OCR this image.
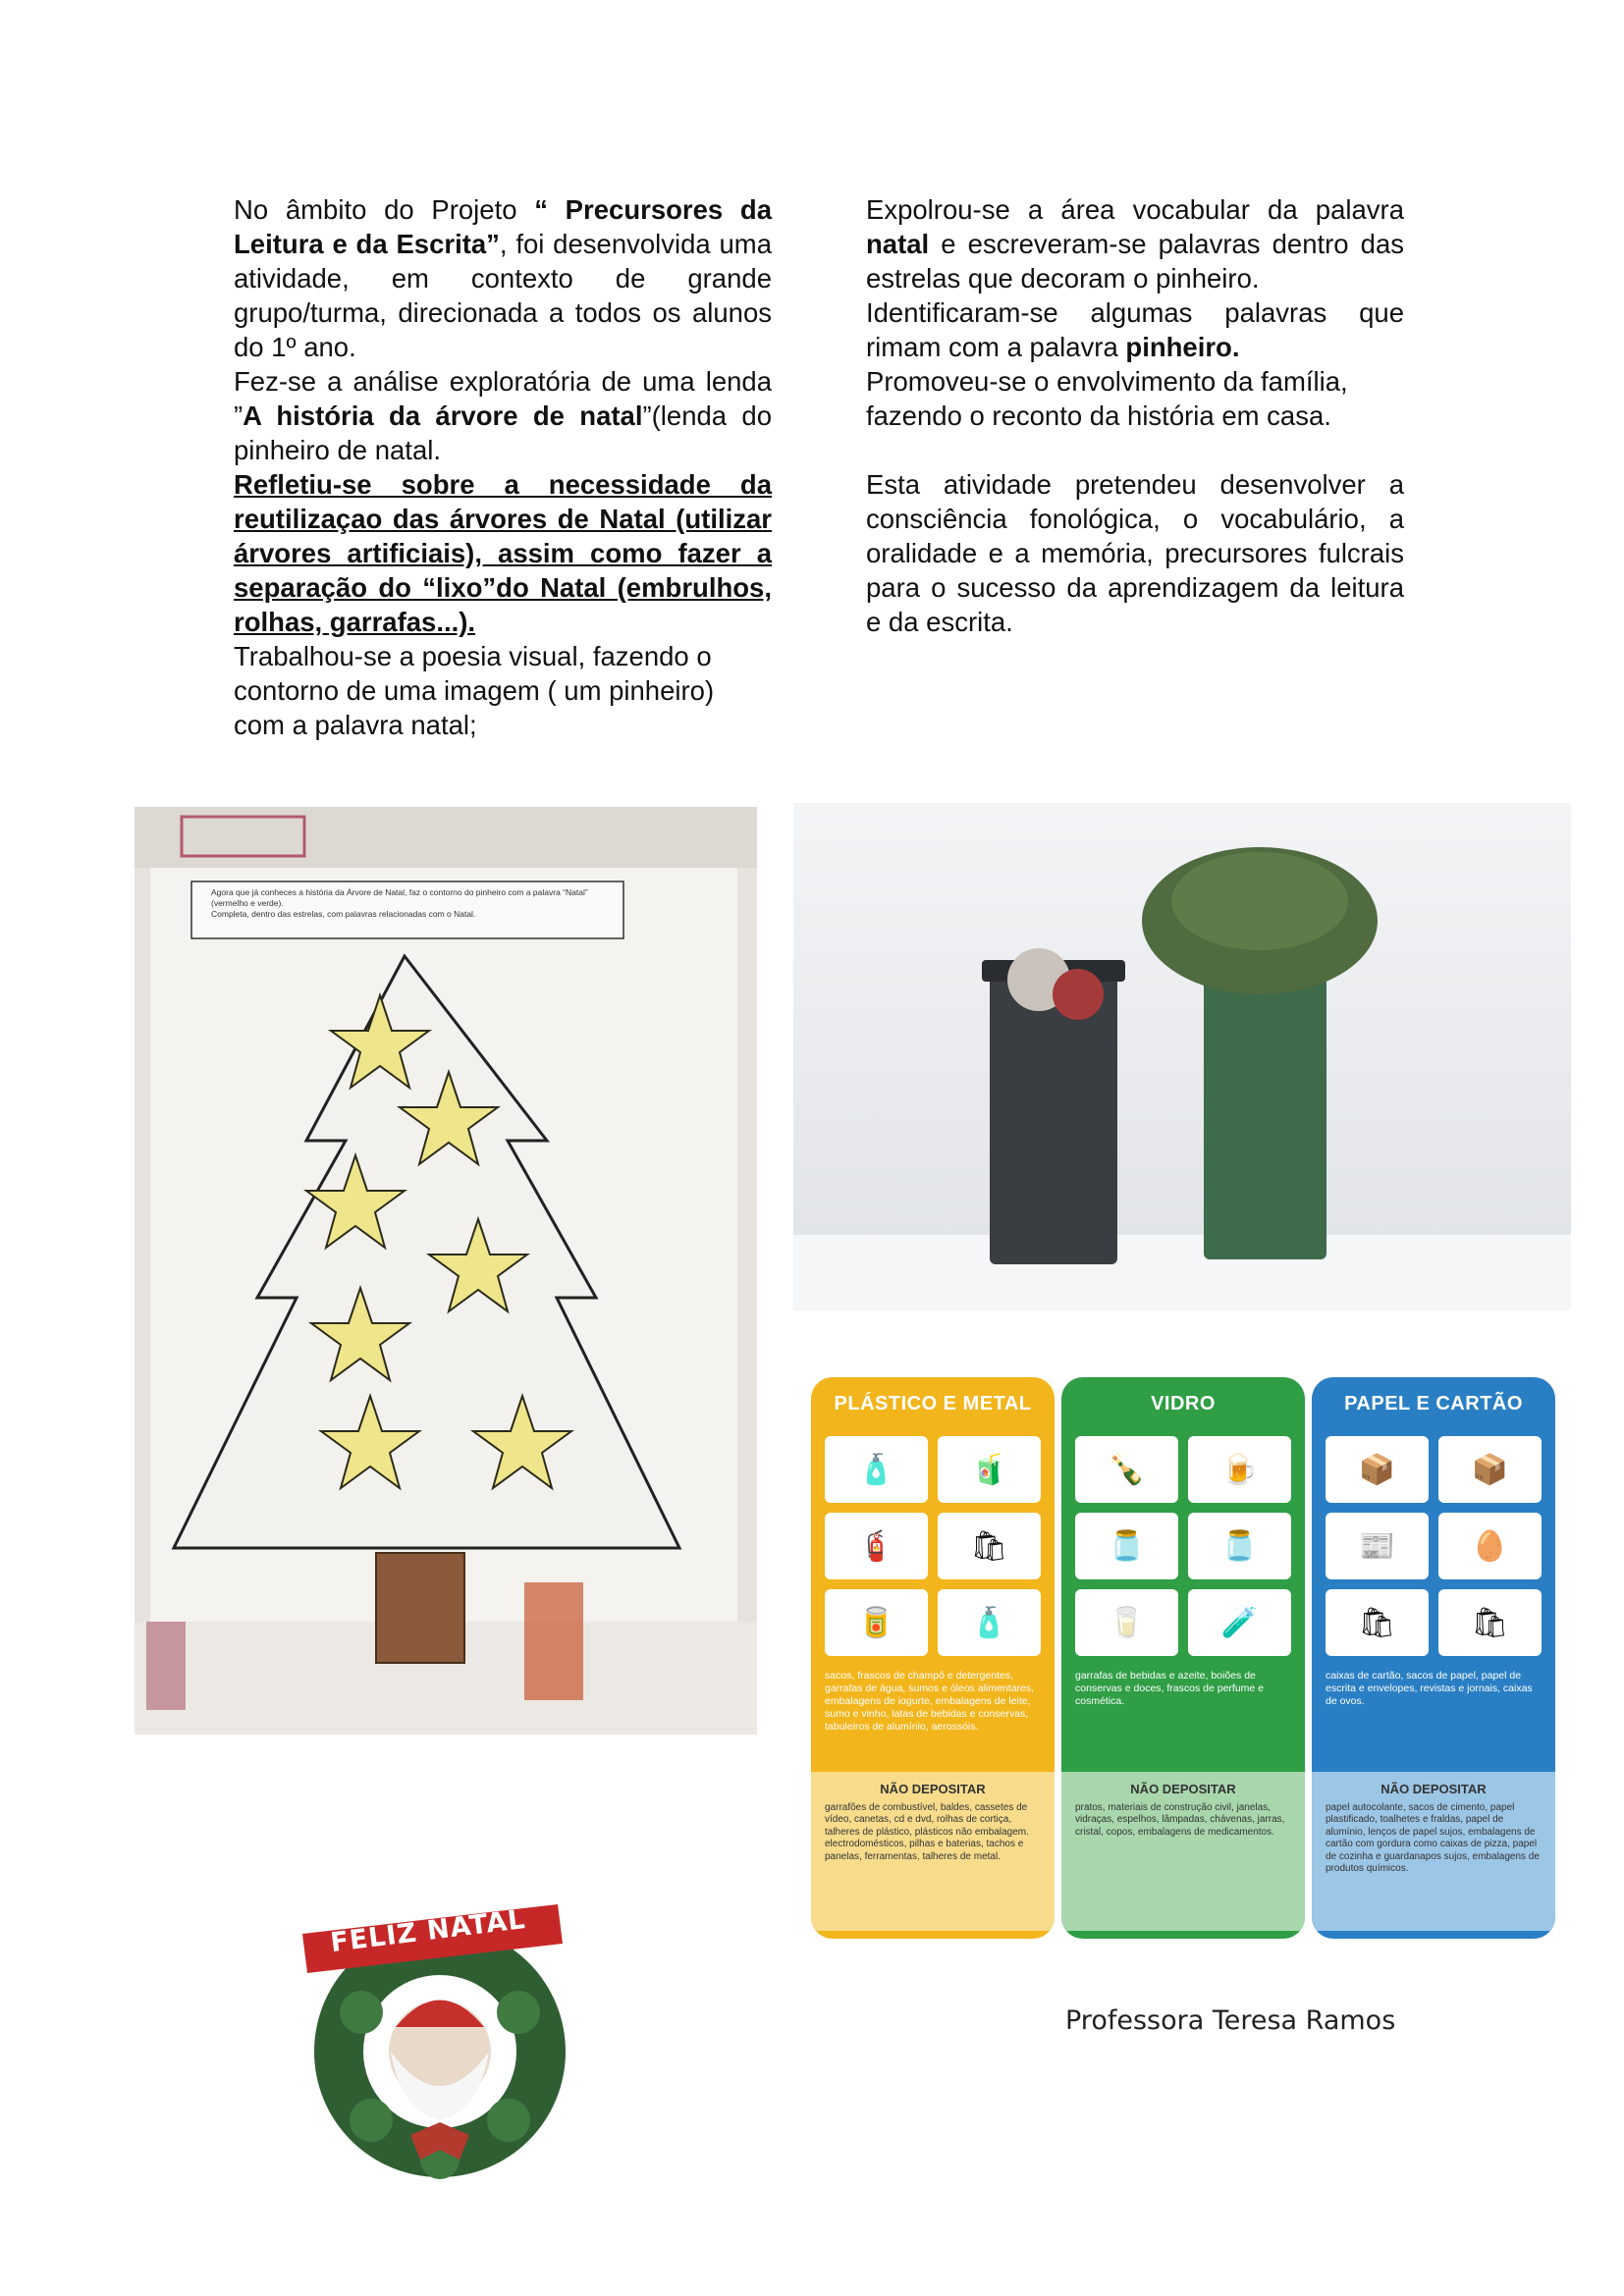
No âmbito do Projeto “ Precursores da Leitura e da Escrita”, foi desenvolvida uma atividade, em contexto de grande grupo/turma, direcionada a todos os alunos do 1º ano.

Fez-se a análise exploratória de uma lenda ”A história da árvore de natal”(lenda do pinheiro de natal.

Refletiu-se sobre a necessidade da reutilizaçao das árvores de Natal (utilizar árvores artificiais), assim como fazer a separação do “lixo”do Natal (embrulhos, rolhas, garrafas...).

Trabalhou-se a poesia visual, fazendo o contorno de uma imagem ( um pinheiro) com a palavra natal;

Expolrou-se a área vocabular da palavra natal e escreveram-se palavras dentro das estrelas que decoram o pinheiro.

Identificaram-se algumas palavras que rimam com a palavra pinheiro.

Promoveu-se o envolvimento da família, fazendo o reconto da história em casa.

Esta atividade pretendeu desenvolver a consciência fonológica, o vocabulário, a oralidade e a memória, precursores fulcrais para o sucesso da aprendizagem da leitura e da escrita.

Agora que já conheces a história da Árvore de Natal, faz o contorno do pinheiro com a palavra “Natal” (vermelho e verde).
Completa, dentro das estrelas, com palavras relacionadas com o Natal.
PLÁSTICO E METAL
🧴	🧃
🧯	🛍
🥫	🧴
sacos, frascos de champô e detergentes, garrafas de água, sumos e óleos alimentares, embalagens de iogurte, embalagens de leite, sumo e vinho, latas de bebidas e conservas, tabuleiros de alumínio, aerossóis.
NÃO DEPOSITAR
garrafões de combustível, baldes, cassetes de vídeo, canetas, cd e dvd, rolhas de cortiça, talheres de plástico, plásticos não embalagem. electrodomésticos, pilhas e baterias, tachos e panelas, ferramentas, talheres de metal.
VIDRO
🍾	🍺
🫙	🫙
🥛	🧪
garrafas de bebidas e azeite, boiões de conservas e doces, frascos de perfume e cosmética.
NÃO DEPOSITAR
pratos, materiais de construção civil, janelas, vidraças, espelhos, lâmpadas, chávenas, jarras, cristal, copos, embalagens de medicamentos.
PAPEL E CARTÃO
📦	📦
📰	🥚
🛍	🛍
caixas de cartão, sacos de papel, papel de escrita e envelopes, revistas e jornais, caixas de ovos.
NÃO DEPOSITAR
papel autocolante, sacos de cimento, papel plastificado, toalhetes e fraldas, papel de alumínio, lenços de papel sujos, embalagens de cartão com gordura como caixas de pizza, papel de cozinha e guardanapos sujos, embalagens de produtos químicos.
FELIZ NATAL
Professora Teresa Ramos
